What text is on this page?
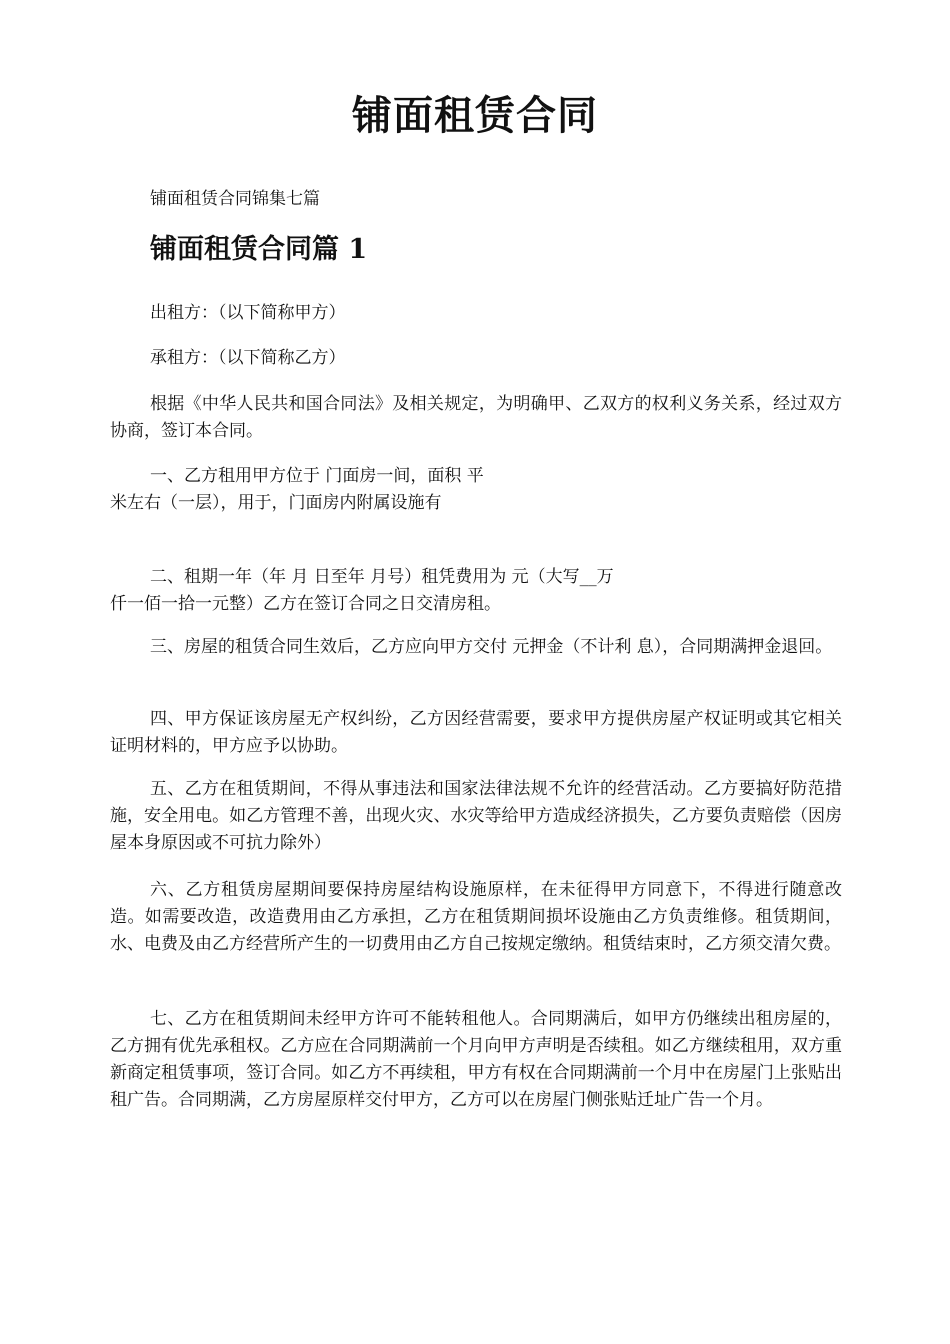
铺面租赁合同
铺面租赁合同锦集七篇
铺面租赁合同篇 1

出租方：（以下简称甲方）

承租方：（以下简称乙方）

根据《中华人民共和国合同法》及相关规定，为明确甲、乙双方的权利义务关系，经过双方协商，签订本合同。

一、乙方租用甲方位于 门面房一间，面积 平
米左右（一层），用于，门面房内附属设施有
二、租期一年（年 月 日至年 月号）租凭费用为 元（大写__万
仟一佰一拾一元整）乙方在签订合同之日交清房租。

三、房屋的租赁合同生效后，乙方应向甲方交付 元押金（不计利 息），合同期满押金退回。

四、甲方保证该房屋无产权纠纷，乙方因经营需要，要求甲方提供房屋产权证明或其它相关证明材料的，甲方应予以协助。

五、乙方在租赁期间，不得从事违法和国家法律法规不允许的经营活动。乙方要搞好防范措施，安全用电。如乙方管理不善，出现火灾、水灾等给甲方造成经济损失，乙方要负责赔偿（因房屋本身原因或不可抗力除外）

六、乙方租赁房屋期间要保持房屋结构设施原样，在未征得甲方同意下，不得进行随意改造。如需要改造，改造费用由乙方承担，乙方在租赁期间损坏设施由乙方负责维修。租赁期间，水、电费及由乙方经营所产生的一切费用由乙方自己按规定缴纳。租赁结束时，乙方须交清欠费。

七、乙方在租赁期间未经甲方许可不能转租他人。合同期满后，如甲方仍继续出租房屋的，乙方拥有优先承租权。乙方应在合同期满前一个月向甲方声明是否续租。如乙方继续租用，双方重新商定租赁事项，签订合同。如乙方不再续租，甲方有权在合同期满前一个月中在房屋门上张贴出租广告。合同期满，乙方房屋原样交付甲方，乙方可以在房屋门侧张贴迁址广告一个月。
